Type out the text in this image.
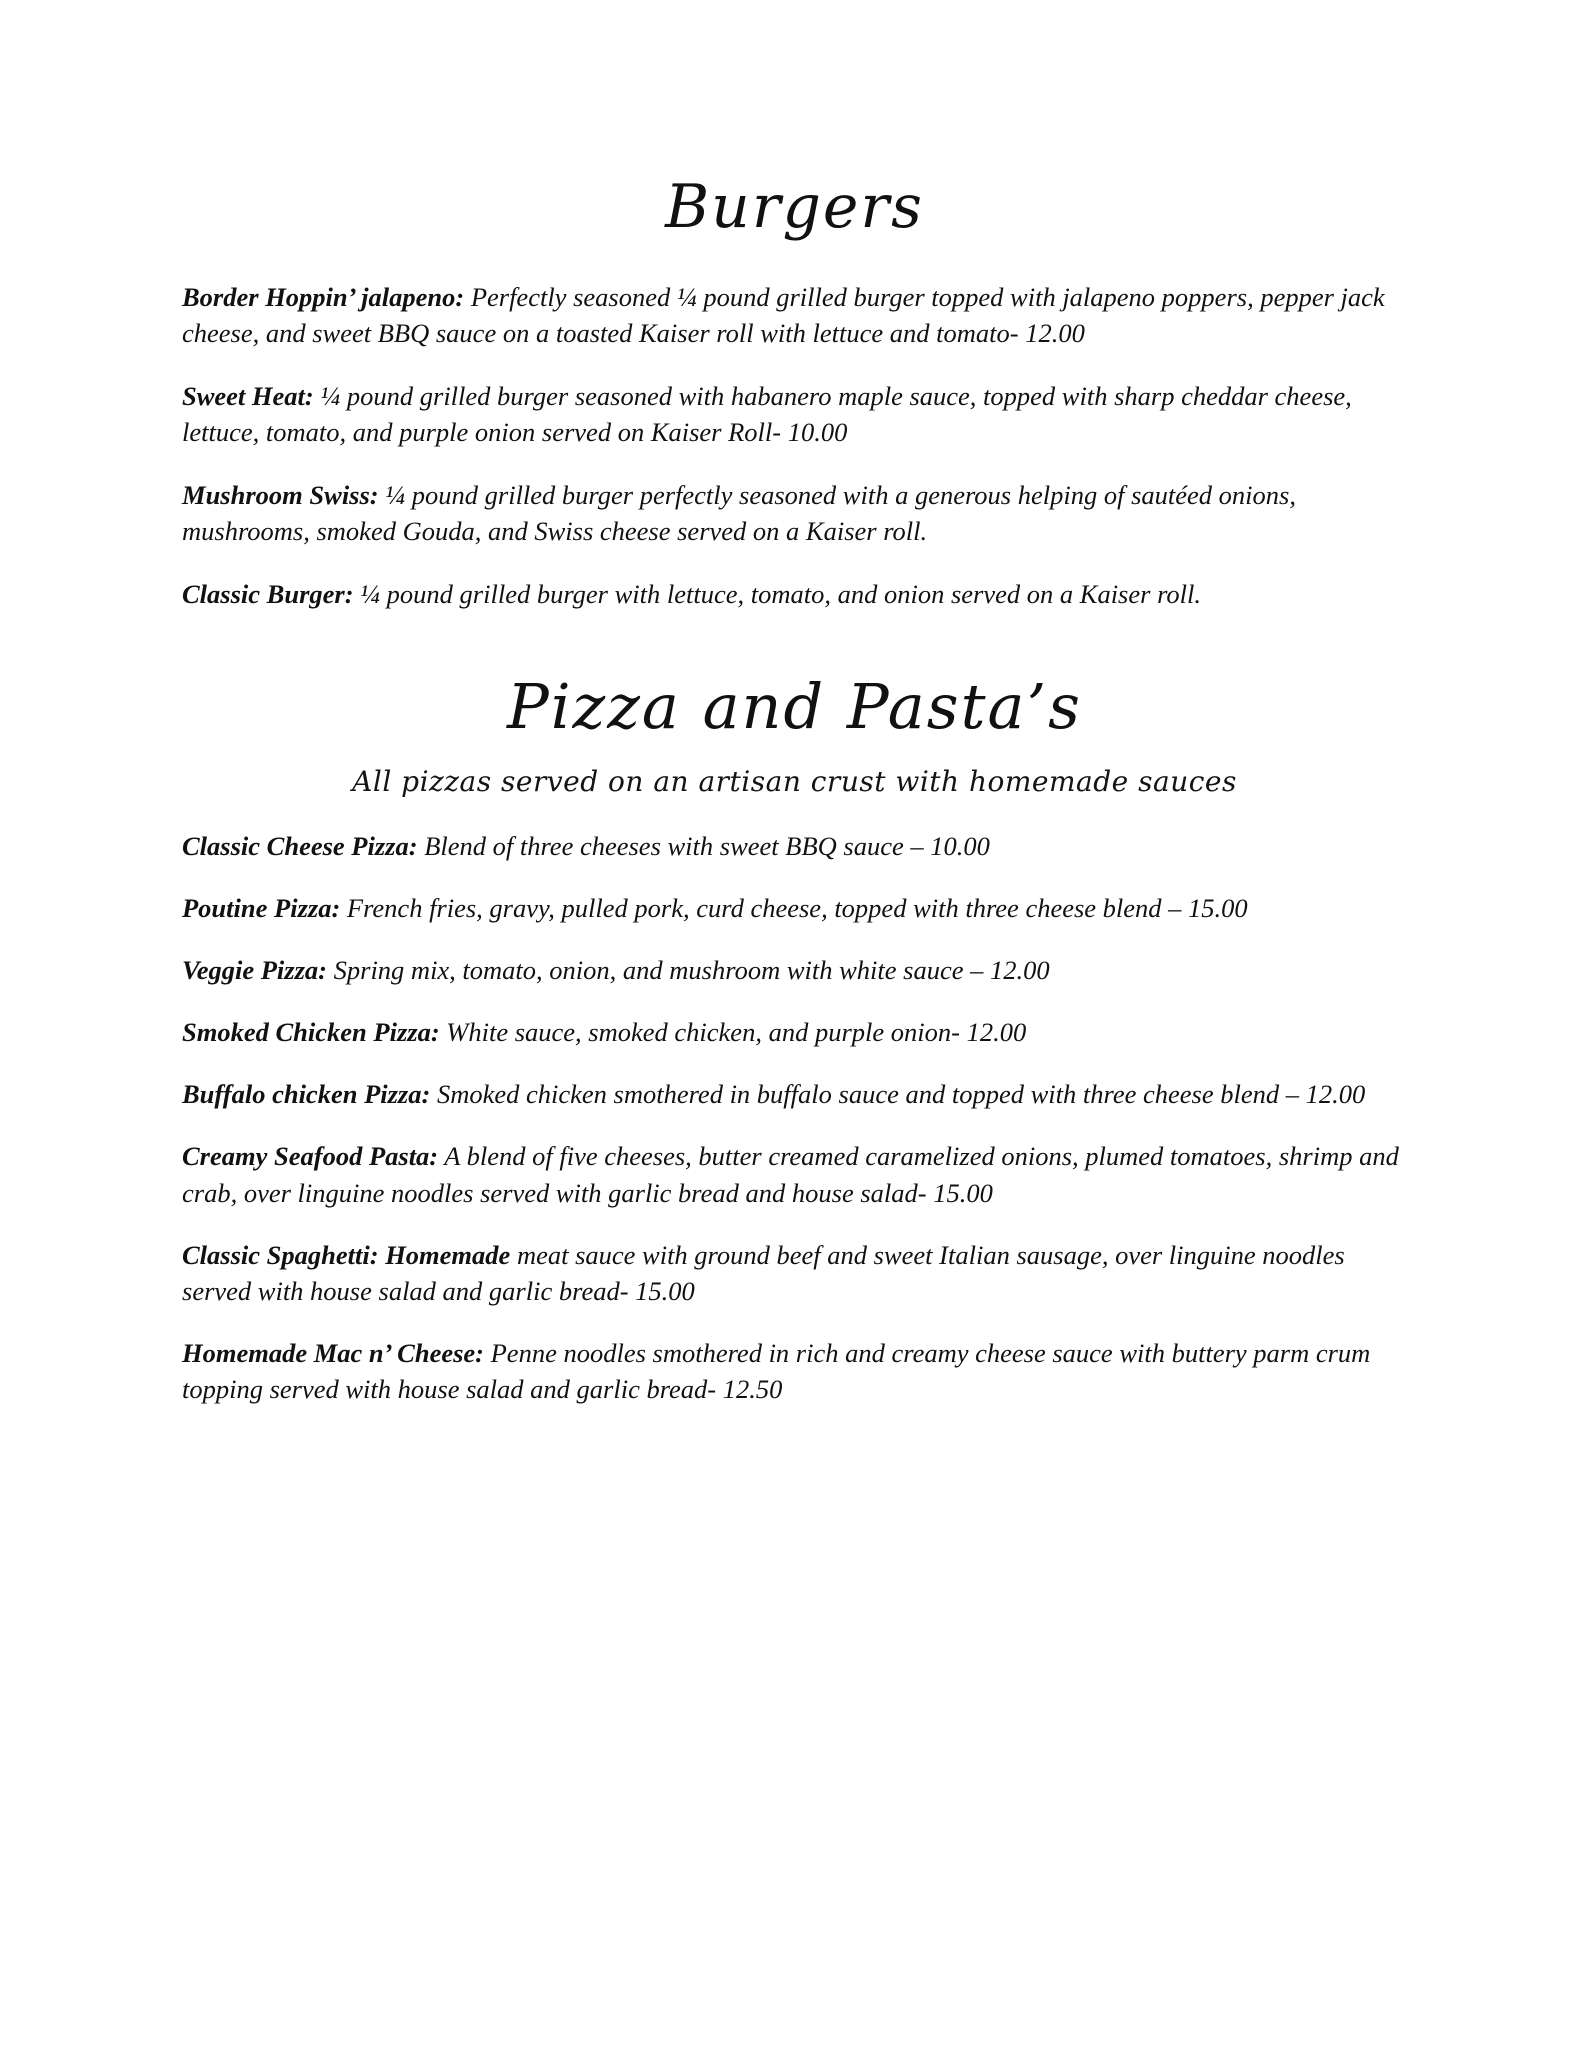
Burgers

Border Hoppin’ jalapeno: Perfectly seasoned ¼ pound grilled burger topped with jalapeno poppers, pepper jack cheese, and sweet BBQ sauce on a toasted Kaiser roll with lettuce and tomato- 12.00

Sweet Heat: ¼ pound grilled burger seasoned with habanero maple sauce, topped with sharp cheddar cheese, lettuce, tomato, and purple onion served on Kaiser Roll- 10.00

Mushroom Swiss: ¼ pound grilled burger perfectly seasoned with a generous helping of sautéed onions, mushrooms, smoked Gouda, and Swiss cheese served on a Kaiser roll.

Classic Burger: ¼ pound grilled burger with lettuce, tomato, and onion served on a Kaiser roll.

Pizza and Pasta’s

All pizzas served on an artisan crust with homemade sauces

Classic Cheese Pizza: Blend of three cheeses with sweet BBQ sauce – 10.00

Poutine Pizza: French fries, gravy, pulled pork, curd cheese, topped with three cheese blend – 15.00

Veggie Pizza: Spring mix, tomato, onion, and mushroom with white sauce – 12.00

Smoked Chicken Pizza: White sauce, smoked chicken, and purple onion- 12.00

Buffalo chicken Pizza: Smoked chicken smothered in buffalo sauce and topped with three cheese blend – 12.00

Creamy Seafood Pasta: A blend of five cheeses, butter creamed caramelized onions, plumed tomatoes, shrimp and crab, over linguine noodles served with garlic bread and house salad- 15.00

Classic Spaghetti: Homemade meat sauce with ground beef and sweet Italian sausage, over linguine noodles served with house salad and garlic bread- 15.00

Homemade Mac n’ Cheese: Penne noodles smothered in rich and creamy cheese sauce with buttery parm crum topping served with house salad and garlic bread- 12.50
